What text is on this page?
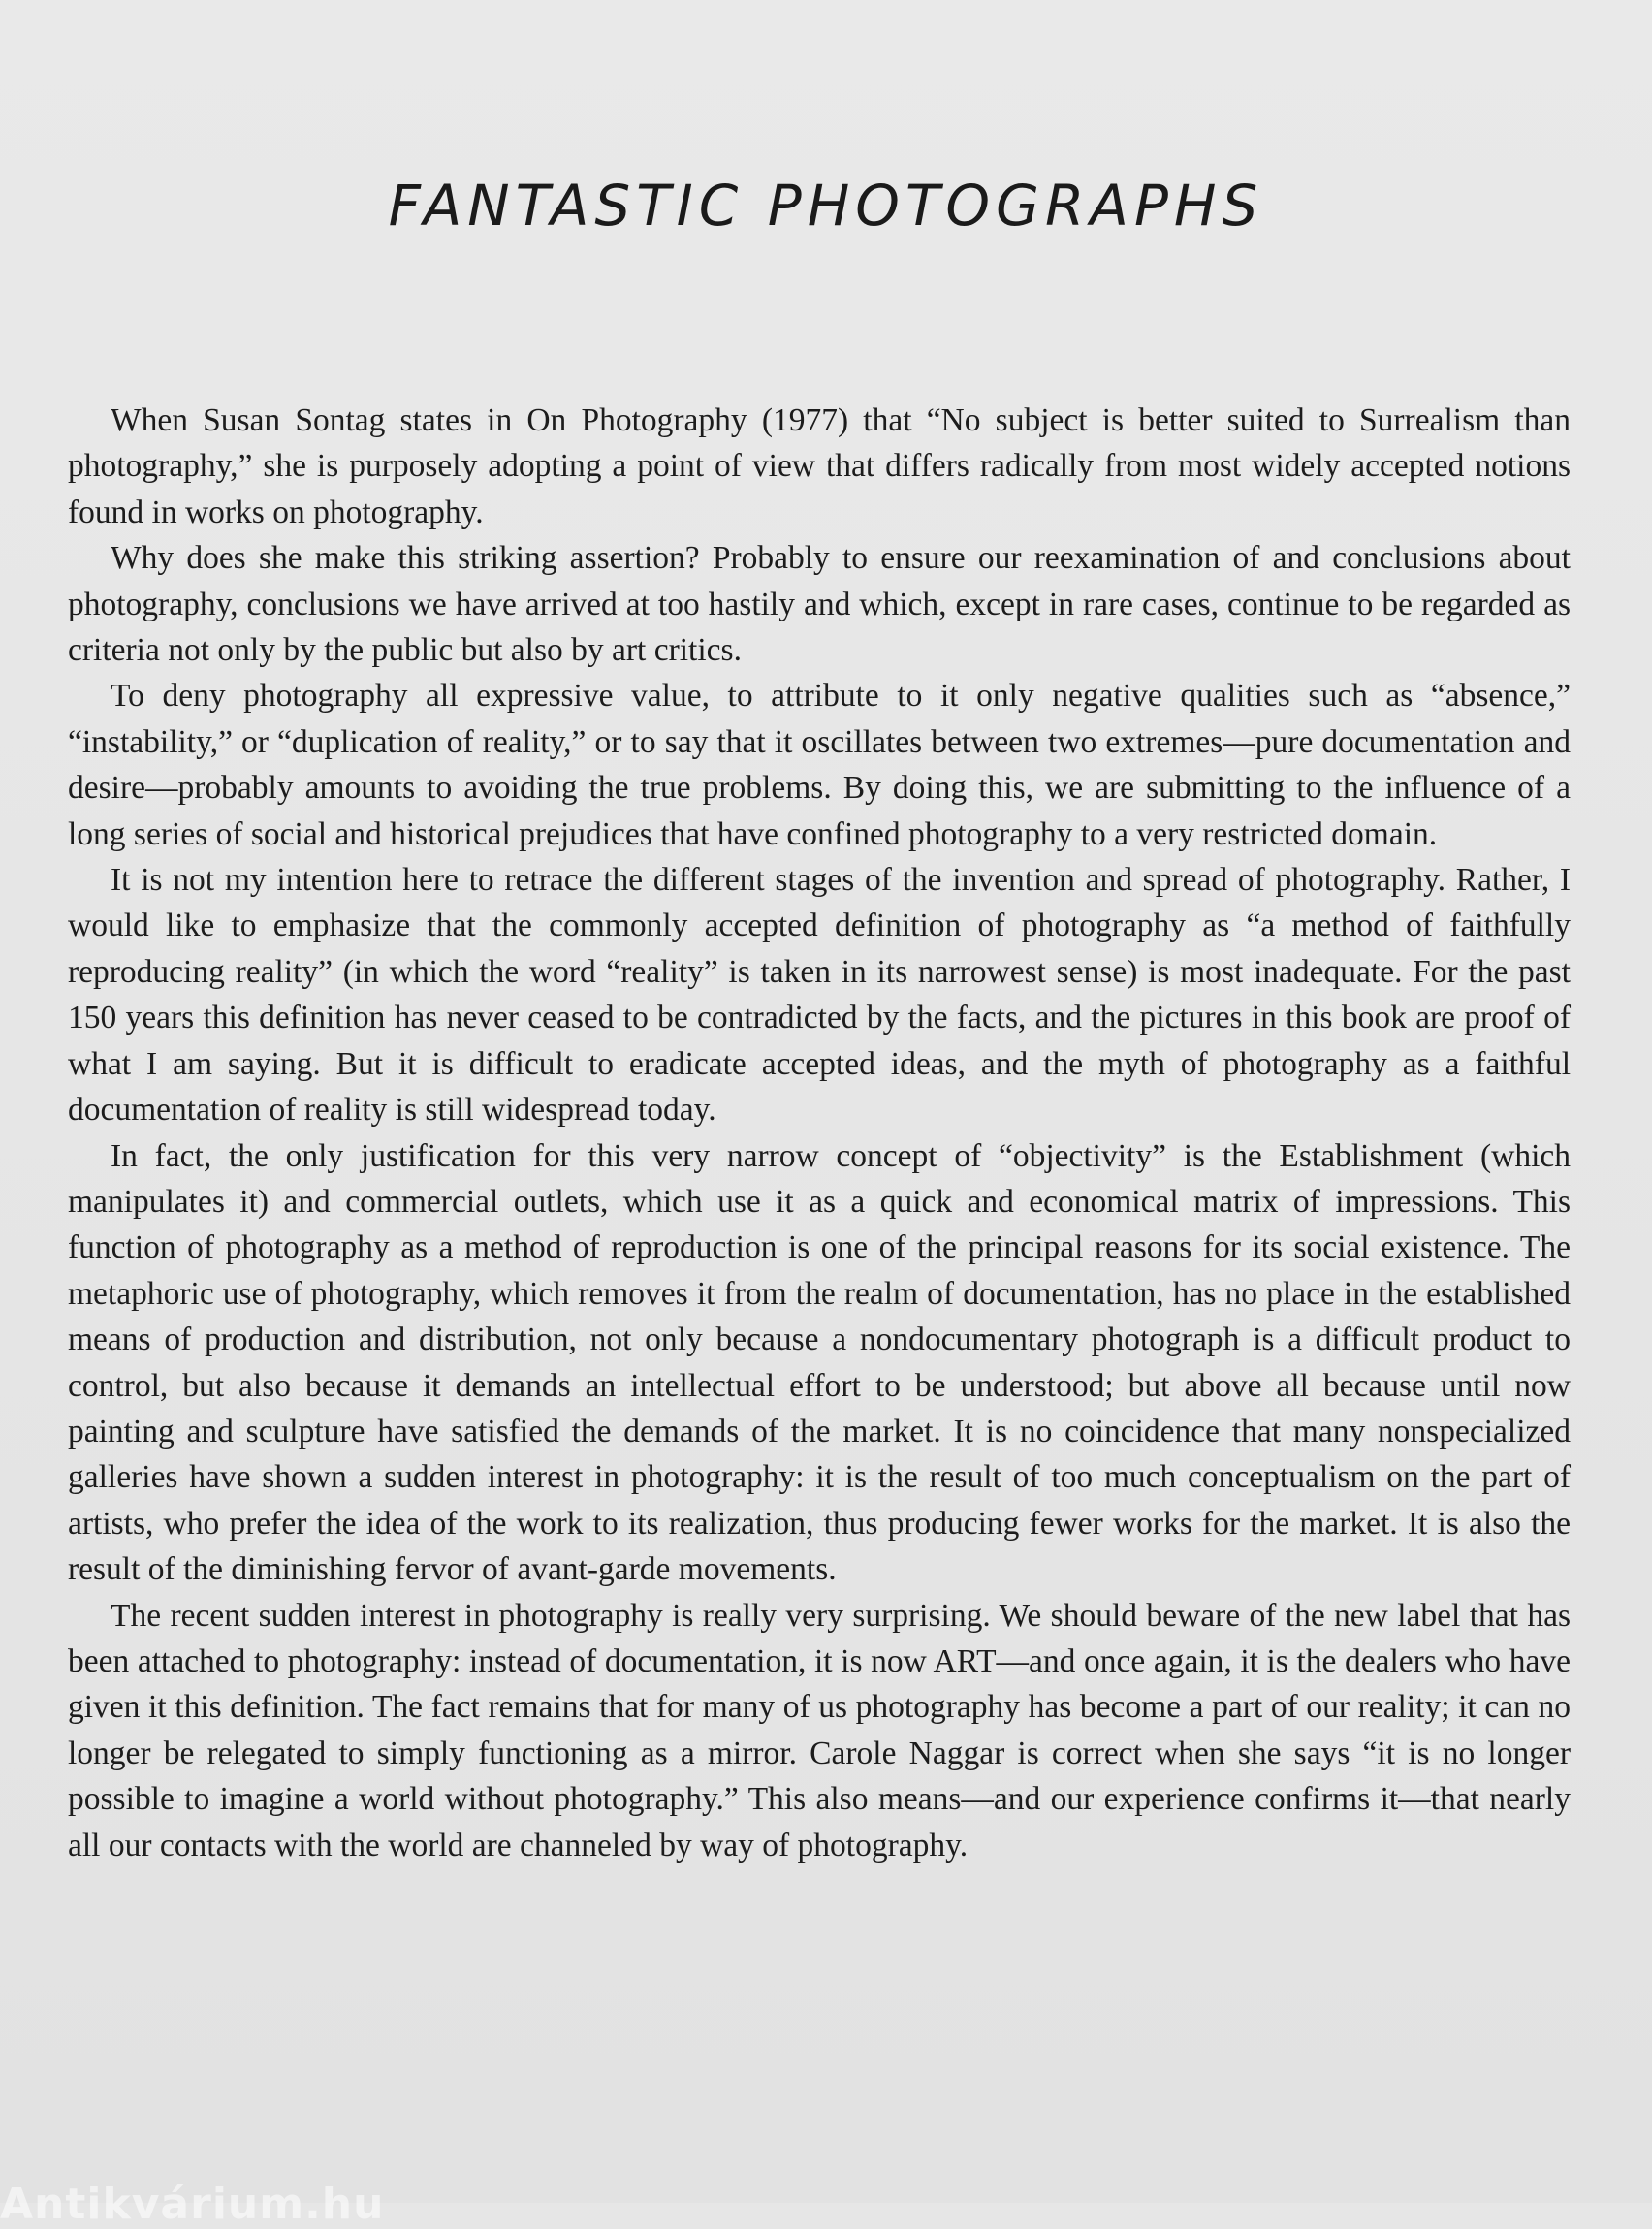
FANTASTIC PHOTOGRAPHS

When Susan Sontag states in On Photography (1977) that “No subject is better suited to Surrealism than photography,” she is purposely adopting a point of view that differs radically from most widely accepted notions found in works on photography.

Why does she make this striking assertion? Probably to ensure our reexamination of and conclusions about photography, conclusions we have arrived at too hastily and which, except in rare cases, continue to be regarded as criteria not only by the public but also by art critics.

To deny photography all expressive value, to attribute to it only negative qualities such as “absence,” “instability,” or “duplication of reality,” or to say that it oscillates between two extremes—pure documentation and desire—probably amounts to avoiding the true problems. By doing this, we are submitting to the influence of a long series of social and historical prejudices that have confined photography to a very restricted domain.

It is not my intention here to retrace the different stages of the invention and spread of photography. Rather, I would like to emphasize that the commonly accepted definition of photography as “a method of faithfully reproducing reality” (in which the word “reality” is taken in its narrowest sense) is most inadequate. For the past 150 years this definition has never ceased to be contradicted by the facts, and the pictures in this book are proof of what I am saying. But it is difficult to eradicate accepted ideas, and the myth of photography as a faithful documentation of reality is still widespread today.

In fact, the only justification for this very narrow concept of “objectivity” is the Establishment (which manipulates it) and commercial outlets, which use it as a quick and economical matrix of impressions. This function of photography as a method of reproduction is one of the principal reasons for its social existence. The metaphoric use of photography, which removes it from the realm of documentation, has no place in the established means of production and distribution, not only because a nondocumentary photograph is a difficult product to control, but also because it demands an intellectual effort to be understood; but above all because until now painting and sculpture have satisfied the demands of the market. It is no coincidence that many nonspecialized galleries have shown a sudden interest in photography: it is the result of too much conceptualism on the part of artists, who prefer the idea of the work to its realization, thus producing fewer works for the market. It is also the result of the diminishing fervor of avant-garde movements.

The recent sudden interest in photography is really very surprising. We should beware of the new label that has been attached to photography: instead of documentation, it is now ART—and once again, it is the dealers who have given it this definition. The fact remains that for many of us photography has become a part of our reality; it can no longer be relegated to simply functioning as a mirror. Carole Naggar is correct when she says “it is no longer possible to imagine a world without photography.” This also means—and our experience confirms it—that nearly all our contacts with the world are channeled by way of photography.

Antikvárium.hu
